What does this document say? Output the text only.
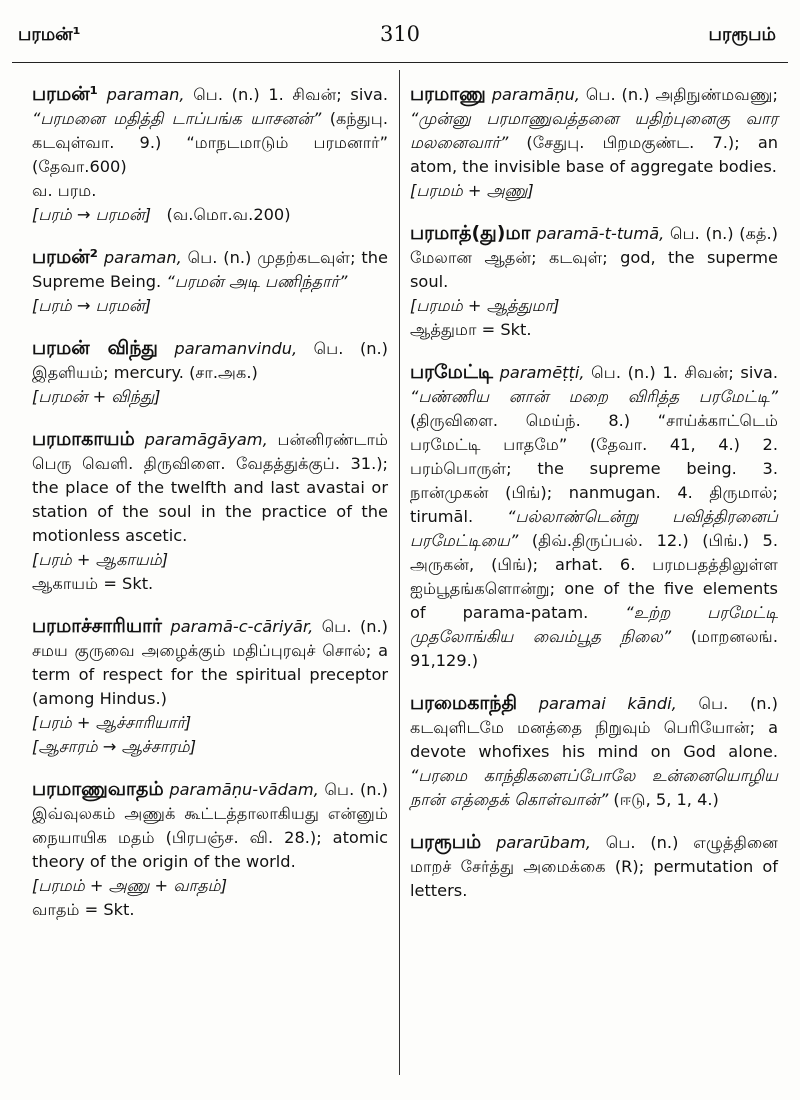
பரமன்¹	310	பரரூபம்

பரமன்¹ paraman, பெ. (n.) 1. சிவன்; siva. “பரமனை மதித்தி டாப்பங்க யாசனன்” (கந்துபு. கடவுள்வா. 9.) “மாநடமாடும் பரமனார்” (தேவா.600)

வ. பரம.

[பரம் → பரமன்] (வ.மொ.வ.200)

பரமன்² paraman, பெ. (n.) முதற்கடவுள்; the Supreme Being. “பரமன் அடி பணிந்தார்”

[பரம் → பரமன்]

பரமன் விந்து paramanvindu, பெ. (n.) இதளியம்; mercury. (சா.அக.)

[பரமன் + விந்து]

பரமாகாயம் paramāgāyam, பன்னிரண்டாம் பெரு வெளி. திருவிளை. வேதத்துக்குப். 31.); the place of the twelfth and last avastai or station of the soul in the practice of the motionless ascetic.

[பரம் + ஆகாயம்]

ஆகாயம் = Skt.

பரமாச்சாரியார் paramā-c-cāriyār, பெ. (n.) சமய குருவை அழைக்கும் மதிப்புரவுச் சொல்; a term of respect for the spiritual preceptor (among Hindus.)

[பரம் + ஆச்சாரியார்]

[ஆசாரம் → ஆச்சாரம்]

பரமாணுவாதம் paramāṇu-vādam, பெ. (n.) இவ்வுலகம் அணுக் கூட்டத்தாலாகியது என்னும் நையாயிக மதம் (பிரபஞ்ச. வி. 28.); atomic theory of the origin of the world.

[பரமம் + அணு + வாதம்]

வாதம் = Skt.

பரமாணு paramāṇu, பெ. (n.) அதிநுண்மவணு; “முன்னு பரமாணுவத்தனை யதிற்புனைகு வார மலனைவார்” (சேதுபு. பிறமகுண்ட. 7.); an atom, the invisible base of aggregate bodies.

[பரமம் + அணு]

பரமாத்(து)மா paramā-t-tumā, பெ. (n.) (கத்.) மேலான ஆதன்; கடவுள்; god, the superme soul.

[பரமம் + ஆத்துமா]

ஆத்துமா = Skt.

பரமேட்டி paramēṭṭi, பெ. (n.) 1. சிவன்; siva. “பண்ணிய னான் மறை விரித்த பரமேட்டி” (திருவிளை. மெய்ந். 8.) “சாய்க்காட்டெம் பரமேட்டி பாதமே” (தேவா. 41, 4.) 2. பரம்பொருள்; the supreme being. 3. நான்முகன் (பிங்); nanmugan. 4. திருமால்; tirumāl. “பல்லாண்டென்று பவித்திரனைப் பரமேட்டியை” (திவ்.திருப்பல். 12.) (பிங்.) 5. அருகன், (பிங்); arhat. 6. பரமபதத்திலுள்ள ஐம்பூதங்களொன்று; one of the five elements of parama-patam. “உற்ற பரமேட்டி முதலோங்கிய வைம்பூத நிலை” (மாறனலங். 91,129.)

பரமைகாந்தி paramai kāndi, பெ. (n.) கடவுளிடமே மனத்தை நிறுவும் பெரியோன்; a devote whofixes his mind on God alone. “பரமை காந்திகளைப்போலே உன்னையொழிய நான் எத்தைக் கொள்வான்” (ஈடு, 5, 1, 4.)

பரரூபம் pararūbam, பெ. (n.) எழுத்தினை மாறச் சேர்த்து அமைக்கை (R); permutation of letters.
